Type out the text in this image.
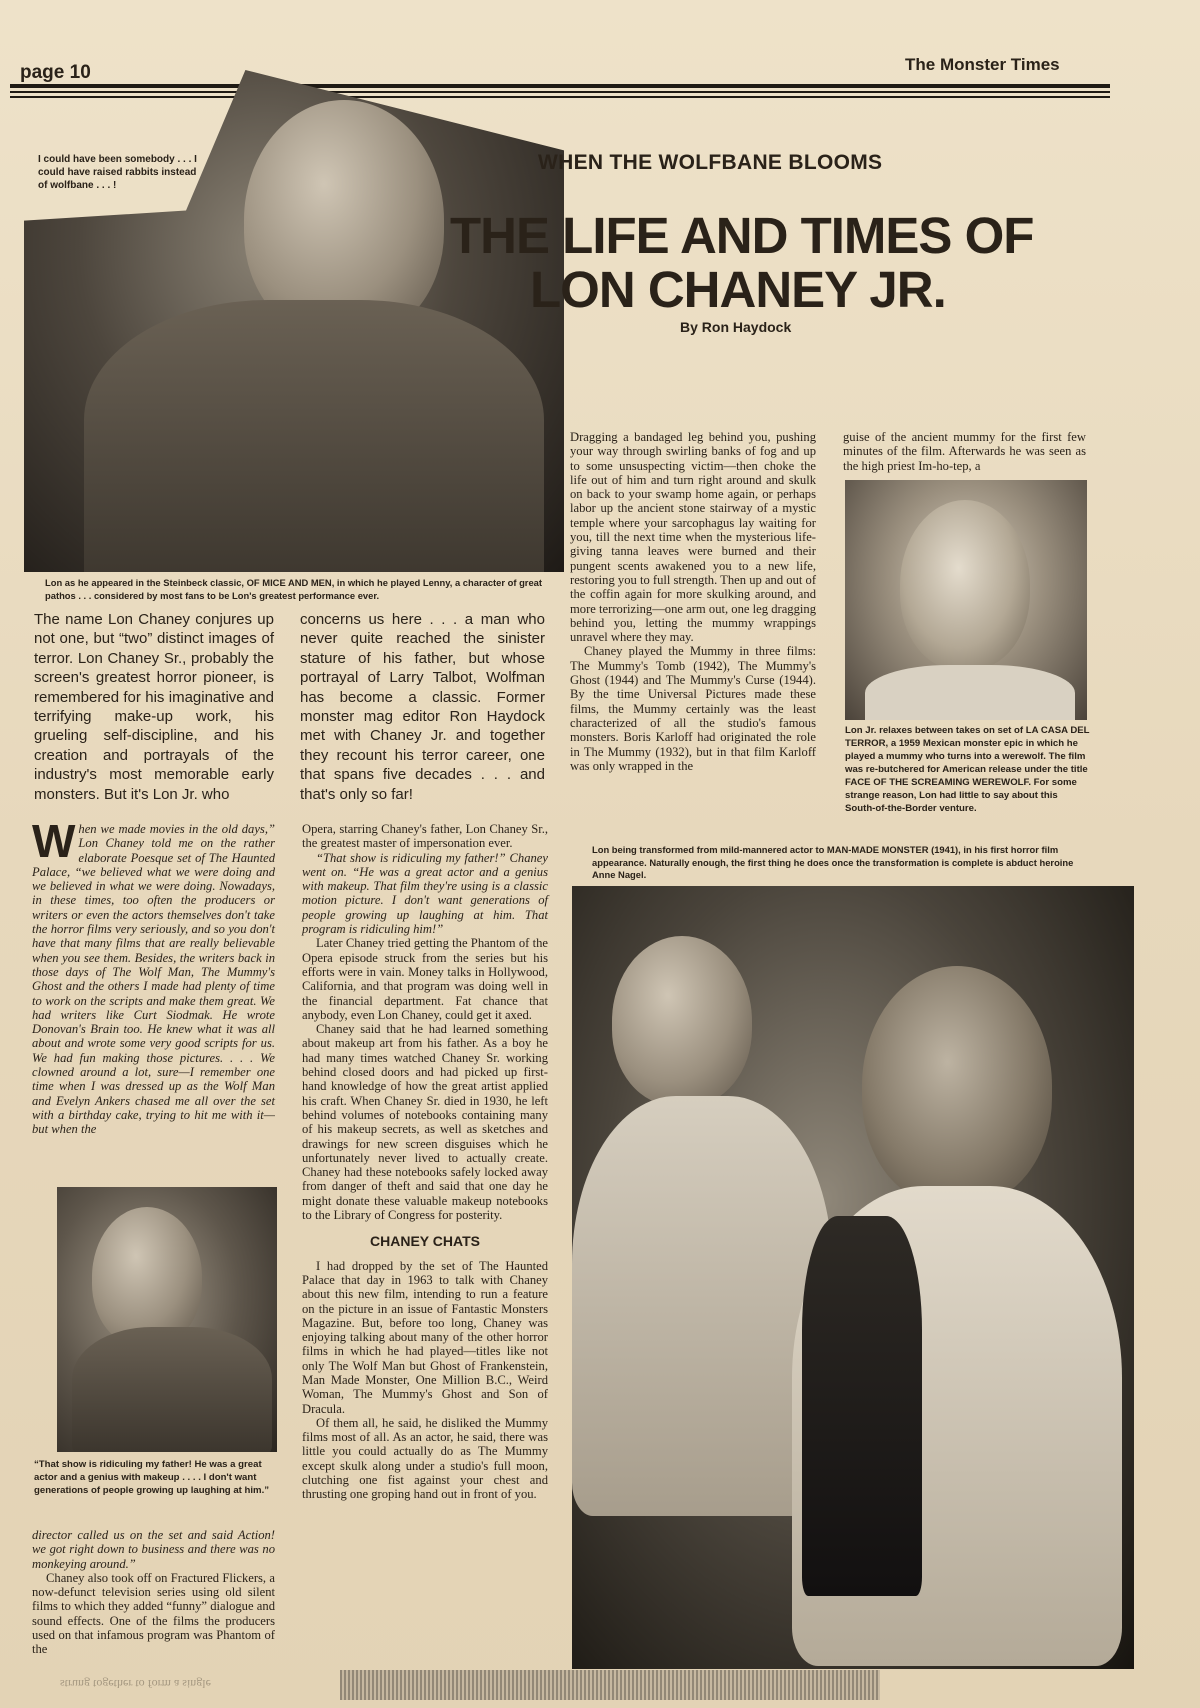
page 10	The Monster Times
I could have been somebody . . . I could have raised rabbits instead of wolfbane . . . !
Lon as he appeared in the Steinbeck classic, OF MICE AND MEN, in which he played Lenny, a character of great pathos . . . considered by most fans to be Lon's greatest performance ever.
WHEN THE WOLFBANE BLOOMS
THE LIFE AND TIMES OF
LON CHANEY JR.
By Ron Haydock
The name Lon Chaney conjures up not one, but “two” distinct images of terror. Lon Chaney Sr., probably the screen's greatest horror pioneer, is remembered for his imaginative and terrifying make-up work, his grueling self-discipline, and his creation and portrayals of the industry's most memorable early monsters. But it's Lon Jr. who
concerns us here . . . a man who never quite reached the sinister stature of his father, but whose portrayal of Larry Talbot, Wolfman has become a classic. Former monster mag editor Ron Haydock met with Chaney Jr. and together they recount his terror career, one that spans five decades . . . and that's only so far!

When we made movies in the old days,” Lon Chaney told me on the rather elaborate Poesque set of The Haunted Palace, “we believed what we were doing and we believed in what we were doing. Nowadays, in these times, too often the producers or writers or even the actors themselves don't take the horror films very seriously, and so you don't have that many films that are really believable when you see them. Besides, the writers back in those days of The Wolf Man, The Mummy's Ghost and the others I made had plenty of time to work on the scripts and make them great. We had writers like Curt Siodmak. He wrote Donovan's Brain too. He knew what it was all about and wrote some very good scripts for us. We had fun making those pictures. . . . We clowned around a lot, sure—I remember one time when I was dressed up as the Wolf Man and Evelyn Ankers chased me all over the set with a birthday cake, trying to hit me with it—but when the

“That show is ridiculing my father! He was a great actor and a genius with makeup . . . . I don't want generations of people growing up laughing at him.”

director called us on the set and said Action! we got right down to business and there was no monkeying around.”

Chaney also took off on Fractured Flickers, a now-defunct television series using old silent films to which they added “funny” dialogue and sound effects. One of the films the producers used on that infamous program was Phantom of the

Opera, starring Chaney's father, Lon Chaney Sr., the greatest master of impersonation ever.

“That show is ridiculing my father!” Chaney went on. “He was a great actor and a genius with makeup. That film they're using is a classic motion picture. I don't want generations of people growing up laughing at him. That program is ridiculing him!”

Later Chaney tried getting the Phantom of the Opera episode struck from the series but his efforts were in vain. Money talks in Hollywood, California, and that program was doing well in the financial department. Fat chance that anybody, even Lon Chaney, could get it axed.

Chaney said that he had learned something about makeup art from his father. As a boy he had many times watched Chaney Sr. working behind closed doors and had picked up first-hand knowledge of how the great artist applied his craft. When Chaney Sr. died in 1930, he left behind volumes of notebooks containing many of his makeup secrets, as well as sketches and drawings for new screen disguises which he unfortunately never lived to actually create. Chaney had these notebooks safely locked away from danger of theft and said that one day he might donate these valuable makeup notebooks to the Library of Congress for posterity.

CHANEY CHATS

I had dropped by the set of The Haunted Palace that day in 1963 to talk with Chaney about this new film, intending to run a feature on the picture in an issue of Fantastic Monsters Magazine. But, before too long, Chaney was enjoying talking about many of the other horror films in which he had played—titles like not only The Wolf Man but Ghost of Frankenstein, Man Made Monster, One Million B.C., Weird Woman, The Mummy's Ghost and Son of Dracula.

Of them all, he said, he disliked the Mummy films most of all. As an actor, he said, there was little you could actually do as The Mummy except skulk along under a studio's full moon, clutching one fist against your chest and thrusting one groping hand out in front of you.

Dragging a bandaged leg behind you, pushing your way through swirling banks of fog and up to some unsuspecting victim—then choke the life out of him and turn right around and skulk on back to your swamp home again, or perhaps labor up the ancient stone stairway of a mystic temple where your sarcophagus lay waiting for you, till the next time when the mysterious life-giving tanna leaves were burned and their pungent scents awakened you to a new life, restoring you to full strength. Then up and out of the coffin again for more skulking around, and more terrorizing—one arm out, one leg dragging behind you, letting the mummy wrappings unravel where they may.

Chaney played the Mummy in three films: The Mummy's Tomb (1942), The Mummy's Ghost (1944) and The Mummy's Curse (1944). By the time Universal Pictures made these films, the Mummy certainly was the least characterized of all the studio's famous monsters. Boris Karloff had originated the role in The Mummy (1932), but in that film Karloff was only wrapped in the

guise of the ancient mummy for the first few minutes of the film. Afterwards he was seen as the high priest Im-ho-tep, a

Lon Jr. relaxes between takes on set of LA CASA DEL TERROR, a 1959 Mexican monster epic in which he played a mummy who turns into a werewolf. The film was re-butchered for American release under the title FACE OF THE SCREAMING WEREWOLF. For some strange reason, Lon had little to say about this South-of-the-Border venture.
Lon being transformed from mild-mannered actor to MAN-MADE MONSTER (1941), in his first horror film appearance. Naturally enough, the first thing he does once the transformation is complete is abduct heroine Anne Nagel.
strung together to form a single
